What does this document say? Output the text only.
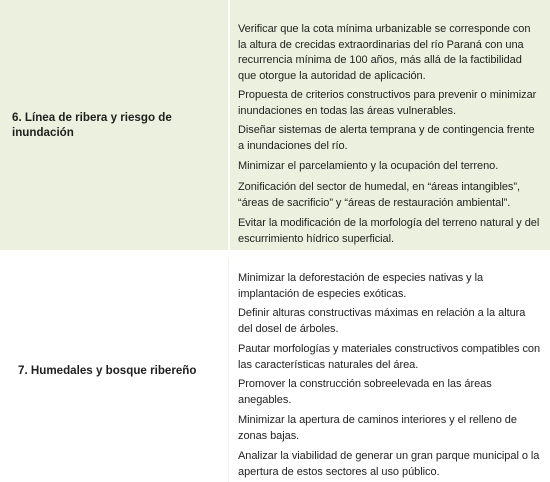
6. Línea de ribera y riesgo de inundación
Verificar que la cota mínima urbanizable se corresponde con
la altura de crecidas extraordinarias del río Paraná con una
recurrencia mínima de 100 años, más allá de la factibilidad
que otorgue la autoridad de aplicación.
Propuesta de criterios constructivos para prevenir o minimizar
inundaciones en todas las áreas vulnerables.
Diseñar sistemas de alerta temprana y de contingencia frente
a inundaciones del río.
Minimizar el parcelamiento y la ocupación del terreno.
Zonificación del sector de humedal, en “áreas intangibles”,
“áreas de sacrificio” y “áreas de restauración ambiental”.
Evitar la modificación de la morfología del terreno natural y del
escurrimiento hídrico superficial.
7. Humedales y bosque ribereño
Minimizar la deforestación de especies nativas y la
implantación de especies exóticas.
Definir alturas constructivas máximas en relación a la altura
del dosel de árboles.
Pautar morfologías y materiales constructivos compatibles con
las características naturales del área.
Promover la construcción sobreelevada en las áreas
anegables.
Minimizar la apertura de caminos interiores y el relleno de
zonas bajas.
Analizar la viabilidad de generar un gran parque municipal o la
apertura de estos sectores al uso público.
